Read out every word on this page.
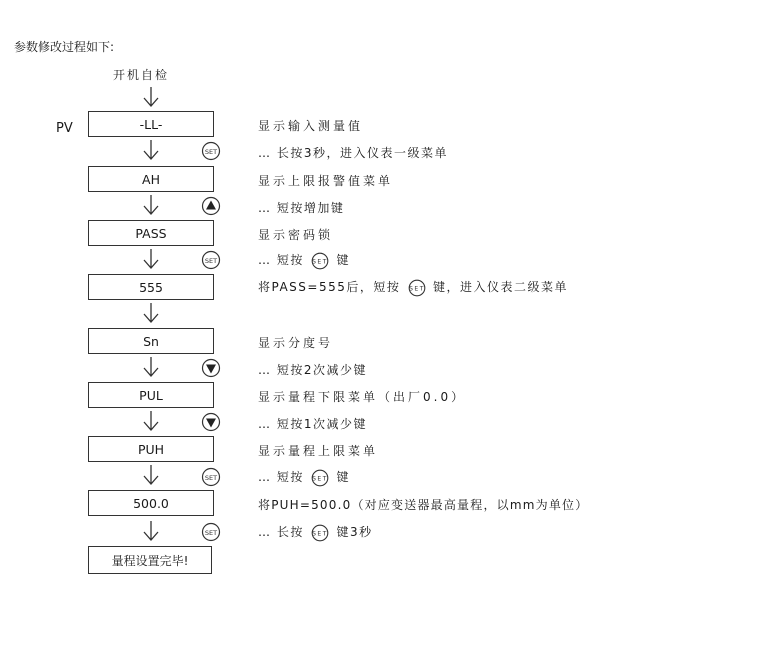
参数修改过程如下:
开机自检
PV	-LL-
AH
PASS
555
Sn
PUL
PUH
500.0
量程设置完毕!
SET
SET
SET
SET
显示输入测量值
… 长按3秒，进入仪表一级菜单
显示上限报警值菜单
… 短按增加键
显示密码锁
… 短按 SET 键
将PASS=555后，短按 SET 键，进入仪表二级菜单
显示分度号
… 短按2次减少键
显示量程下限菜单（出厂0.0）
… 短按1次减少键
显示量程上限菜单
… 短按 SET 键
将PUH=500.0（对应变送器最高量程，以mm为单位）
… 长按 SET 键3秒
